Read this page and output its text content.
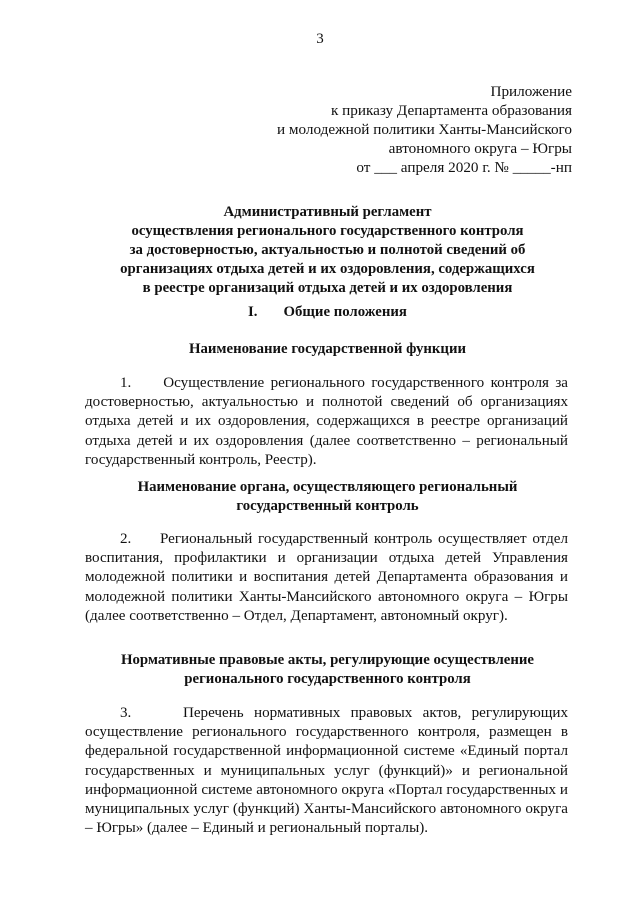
3
Приложение
к приказу Департамента образования
и молодежной политики Ханты-Мансийского
автономного округа – Югры
от ___ апреля 2020 г. № _____-нп
Административный регламент
осуществления регионального государственного контроля
за достоверностью, актуальностью и полнотой сведений об
организациях отдыха детей и их оздоровления, содержащихся
в реестре организаций отдыха детей и их оздоровления
I. Общие положения
Наименование государственной функции

1.     Осуществление регионального государственного контроля за достоверностью, актуальностью и полнотой сведений об организациях отдыха детей и их оздоровления, содержащихся в реестре организаций отдыха детей и их оздоровления (далее соответственно – региональный государственный контроль, Реестр).

Наименование органа, осуществляющего региональный
государственный контроль

2.     Региональный государственный контроль осуществляет отдел воспитания, профилактики и организации отдыха детей Управления молодежной политики и воспитания детей Департамента образования и молодежной политики Ханты-Мансийского автономного округа – Югры (далее соответственно – Отдел, Департамент, автономный округ).

Нормативные правовые акты, регулирующие осуществление
регионального государственного контроля

3.     Перечень нормативных правовых актов, регулирующих осуществление регионального государственного контроля, размещен в федеральной государственной информационной системе «Единый портал государственных и муниципальных услуг (функций)» и региональной информационной системе автономного округа «Портал государственных и муниципальных услуг (функций) Ханты-Мансийского автономного округа – Югры» (далее – Единый и региональный порталы).
